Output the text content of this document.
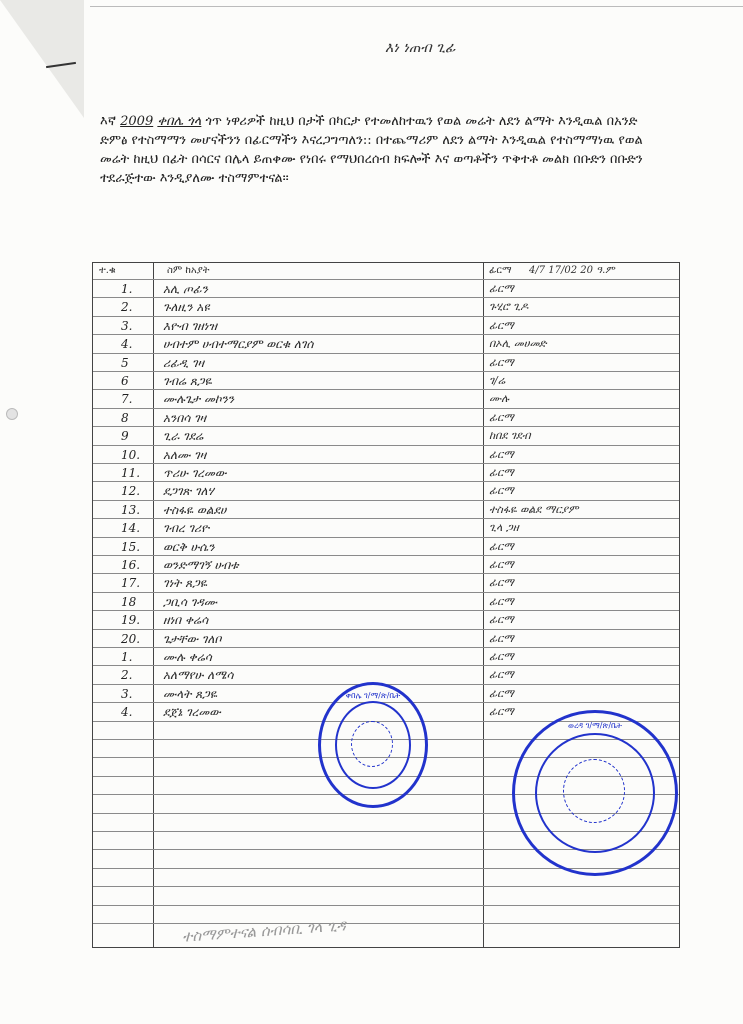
እነ ነጠብ ጊፊ
እኛ 2009 ቀበሌ ጎላ ጎጥ ነዋሪዎች ከዚህ በታች በካርታ የተመለከተዉን የወል መሬት ለደን ልማት እንዲዉል በአንድ ድምፅ የተስማማን መሆናችንን በፊርማችን እናረጋግጣለን:: በተጨማሪም ለደን ልማት እንዲዉል የተስማማነዉ የወል መሬት ከዚህ በፊት በሳርና በሌላ ይጠቀሙ የነበሩ የማህበረሰብ ክፍሎች እና ወጣቶችን ጥቅተቶ መልክ በቡድን በቡድን ተደራጅተው እንዲያለሙ ተስማምተናል።
ተ.ቁ	ስም ከአያት	ፊርማ 4/7 17/02 20 ዓ.ም
1.	አሊ ጦፊን	ፊርማ
2.	ጉለዚን አዩ	ጉሂሮ ጊዶ
3.	እዮብ ገዘነዝ	ፊርማ
4.	ሀብተም ሀብተማርያም ወርቁ ለገሰ	በኦሊ መሀመድ
5	ሪፊዲ ገዛ	ፊርማ
6	ገብሬ ጸጋዬ	ገ/ሬ
7.	ሙሉጌታ መኮንን	ሙሉ
8	አንበሳ ገዛ	ፊርማ
9	ጊራ ገደሬ	ከበደ ገደብ
10.	አለሙ ገዛ	ፊርማ
11.	ጥሪሁ ገረመው	ፊርማ
12.	ደጋገጽ ገለሃ	ፊርማ
13.	ተስፋዬ ወልደሀ	ተስፋዬ ወልደ ማርያም
14.	ገብረ ገሪዮ	ጊላ ጋዘ
15.	ወርቅ ሁሴን	ፊርማ
16.	ወንድማገኝ ሀብቱ	ፊርማ
17.	ገነት ጸጋዬ	ፊርማ
18	ጋቢሳ ገዳሙ	ፊርማ
19.	ዘነበ ቀሬሳ	ፊርማ
20.	ጌታቸው ገለቦ	ፊርማ
1.	ሙሉ ቀሬሳ	ፊርማ
2.	አለማየሁ ለሜሳ	ፊርማ
3.	ሙላት ጸጋዬ	ፊርማ
4.	ደጀኔ ገረመው	ፊርማ
ቀበሌ ገ/ማ/ጽ/ቤት
ወረዳ ገ/ማ/ጽ/ቤት
ተስማምተናል ሰብሳቢ ገላ ጊዳ
